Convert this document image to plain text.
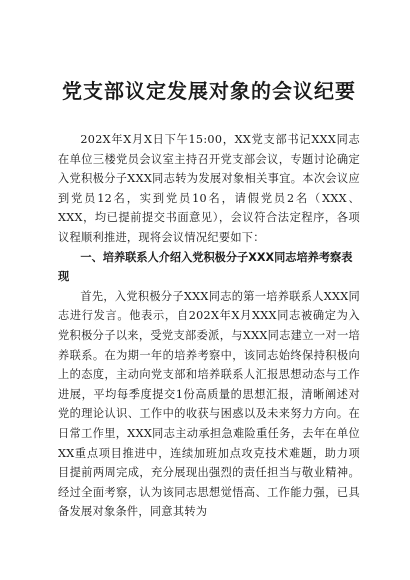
党支部议定发展对象的会议纪要

202X年X月X日下午15:00，XX党支部书记XXX同志在单位三楼党员会议室主持召开党支部会议，专题讨论确定入党积极分子XXX同志转为发展对象相关事宜。本次会议应到党员12名，实到党员10名，请假党员2名（XXX、XXX，均已提前提交书面意见），会议符合法定程序，各项议程顺利推进，现将会议情况纪要如下：

一、培养联系人介绍入党积极分子XXX同志培养考察表现

首先，入党积极分子XXX同志的第一培养联系人XXX同志进行发言。他表示，自202X年X月XXX同志被确定为入党积极分子以来，受党支部委派，与XXX同志建立一对一培养联系。在为期一年的培养考察中，该同志始终保持积极向上的态度，主动向党支部和培养联系人汇报思想动态与工作进展，平均每季度提交1份高质量的思想汇报，清晰阐述对党的理论认识、工作中的收获与困惑以及未来努力方向。在日常工作里，XXX同志主动承担急难险重任务，去年在单位XX重点项目推进中，连续加班加点攻克技术难题，助力项目提前两周完成，充分展现出强烈的责任担当与敬业精神。经过全面考察，认为该同志思想觉悟高、工作能力强，已具备发展对象条件，同意其转为
